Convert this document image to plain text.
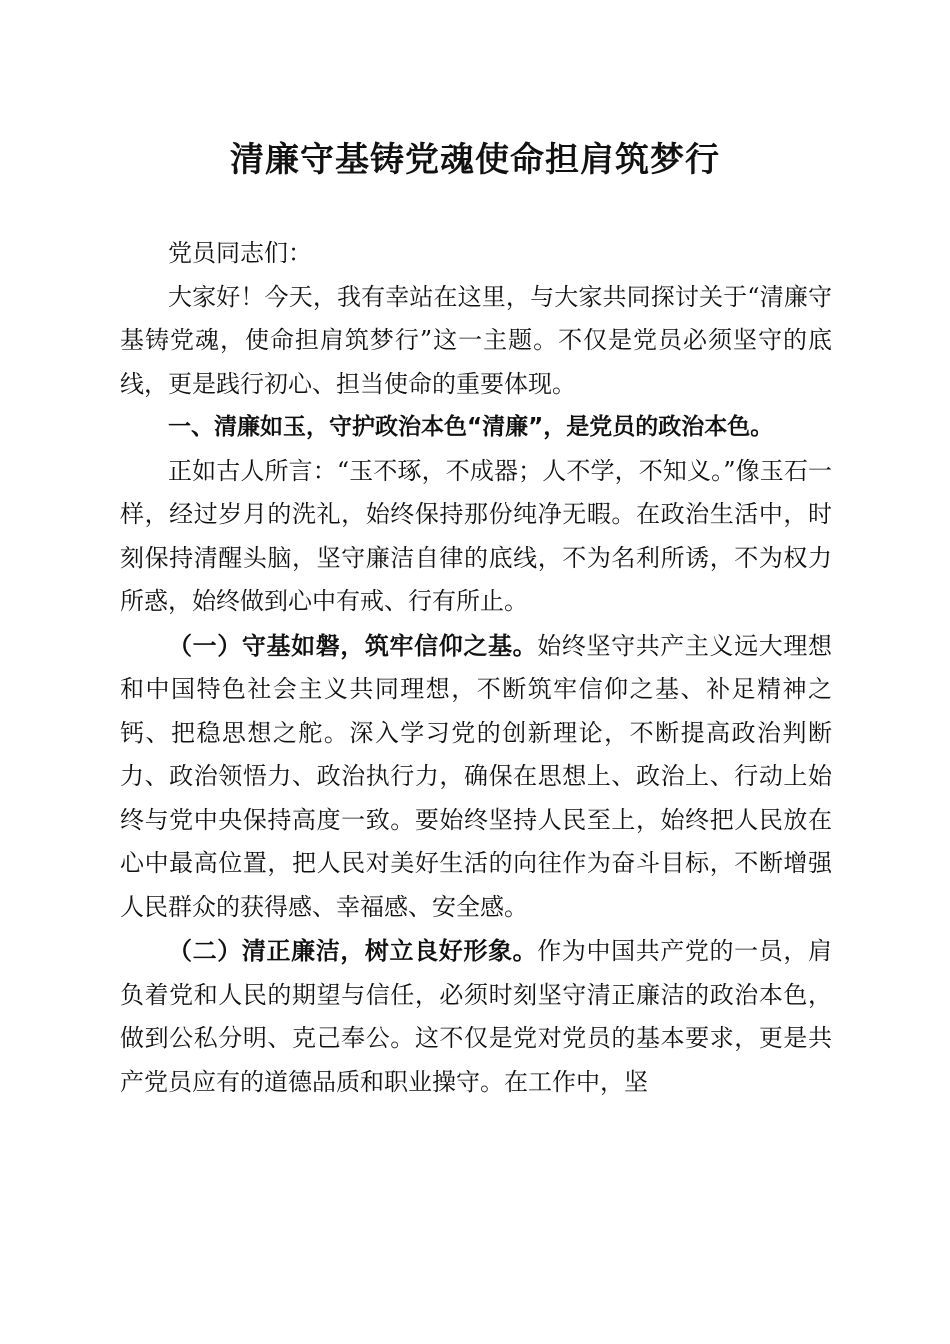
清廉守基铸党魂使命担肩筑梦行

党员同志们：

大家好！今天，我有幸站在这里，与大家共同探讨关于“清廉守基铸党魂，使命担肩筑梦行”这一主题。不仅是党员必须坚守的底线，更是践行初心、担当使命的重要体现。

一、清廉如玉，守护政治本色“清廉”，是党员的政治本色。

正如古人所言：“玉不琢，不成器；人不学，不知义。”像玉石一样，经过岁月的洗礼，始终保持那份纯净无暇。在政治生活中，时刻保持清醒头脑，坚守廉洁自律的底线，不为名利所诱，不为权力所惑，始终做到心中有戒、行有所止。

（一）守基如磐，筑牢信仰之基。始终坚守共产主义远大理想和中国特色社会主义共同理想，不断筑牢信仰之基、补足精神之钙、把稳思想之舵。深入学习党的创新理论，不断提高政治判断力、政治领悟力、政治执行力，确保在思想上、政治上、行动上始终与党中央保持高度一致。要始终坚持人民至上，始终把人民放在心中最高位置，把人民对美好生活的向往作为奋斗目标，不断增强人民群众的获得感、幸福感、安全感。

（二）清正廉洁，树立良好形象。作为中国共产党的一员，肩负着党和人民的期望与信任，必须时刻坚守清正廉洁的政治本色，做到公私分明、克己奉公。这不仅是党对党员的基本要求，更是共产党员应有的道德品质和职业操守。在工作中，坚
